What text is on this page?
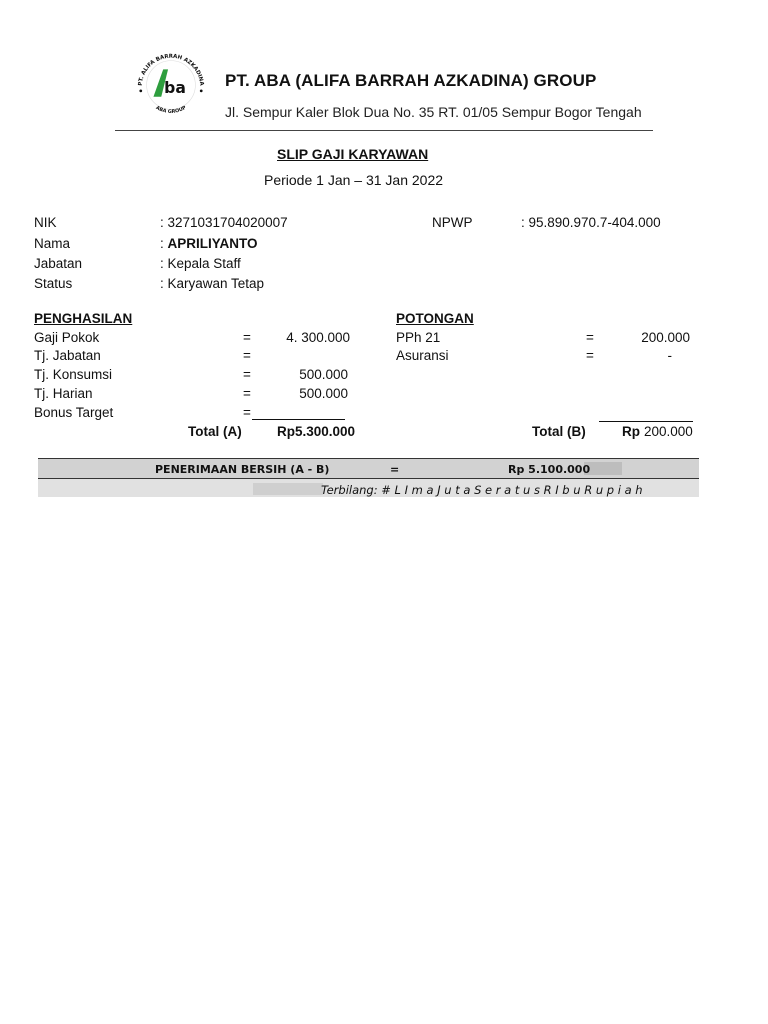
PT. ALIFA BARRAH AZKADINA
ABA GROUP
ba PT. ABA (ALIFA BARRAH AZKADINA) GROUP
Jl. Sempur Kaler Blok Dua No. 35 RT. 01/05 Sempur Bogor Tengah
SLIP GAJI KARYAWAN
Periode 1 Jan – 31 Jan 2022
NIK	: 3271031704020007	NPWP	: 95.890.970.7-404.000
Nama	: APRILIYANTO
Jabatan	: Kepala Staff
Status	: Karyawan Tetap
PENGHASILAN
Gaji Pokok	=	4. 300.000
Tj. Jabatan	=
Tj. Konsumsi	=	500.000
Tj. Harian	=	500.000
Bonus Target	=
Total (A)	Rp5.300.000
POTONGAN
PPh 21	=	200.000
Asuransi	=	-
Total (B)	Rp 200.000
PENERIMAAN BERSIH (A - B)	=	Rp 5.100.000
Terbilang: # L I m a J u t a S e r a t u s R I b u R u p i a h
